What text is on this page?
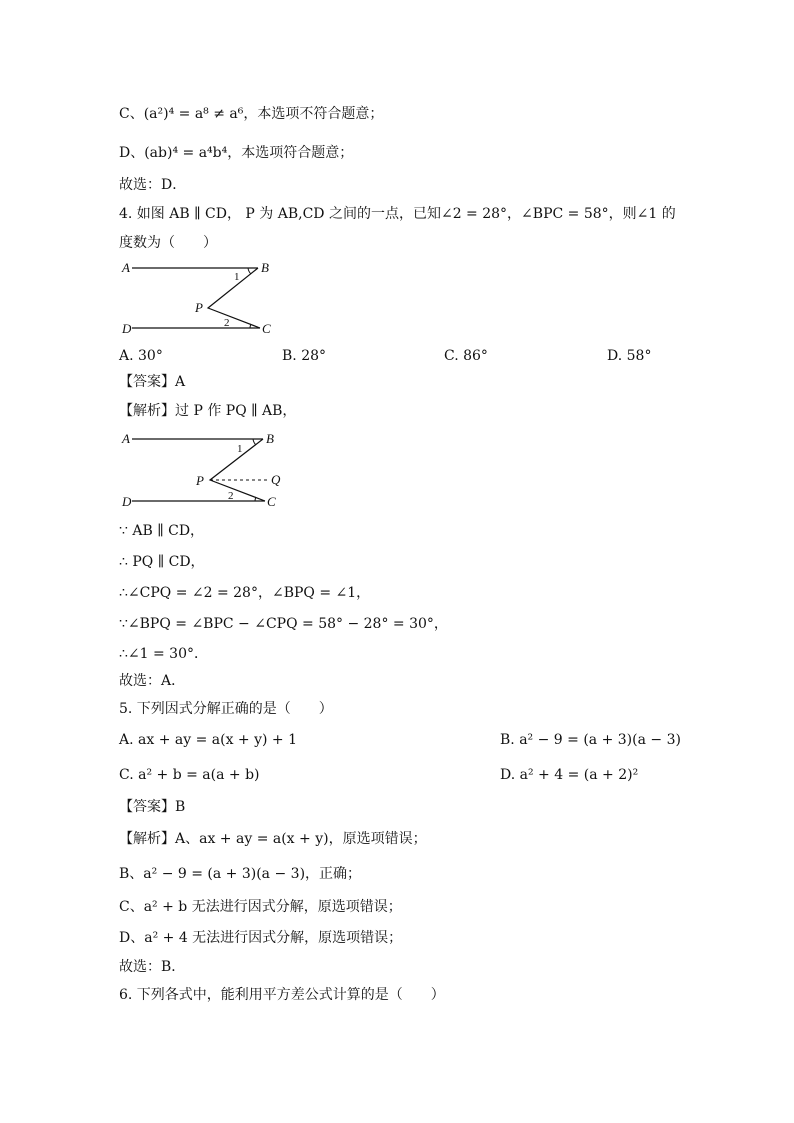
C、(a²)⁴ = a⁸ ≠ a⁶，本选项不符合题意；
D、(ab)⁴ = a⁴b⁴，本选项符合题意；
故选：D．
4. 如图 AB ∥ CD， P 为 AB,CD 之间的一点，已知∠2 = 28°，∠BPC = 58°，则∠1 的
度数为（　　）
A	B
D	C
P
1
2
A. 30°	B. 28°	C. 86°	D. 58°
【答案】A
【解析】过 P 作 PQ ∥ AB，
A	B
D	C
P	Q
1
2
∵ AB ∥ CD，
∴ PQ ∥ CD，
∴∠CPQ = ∠2 = 28°，∠BPQ = ∠1，
∵∠BPQ = ∠BPC − ∠CPQ = 58° − 28° = 30°，
∴∠1 = 30°．
故选：A．
5. 下列因式分解正确的是（　　）
A. ax + ay = a(x + y) + 1	B. a² − 9 = (a + 3)(a − 3)
C. a² + b = a(a + b)	D. a² + 4 = (a + 2)²
【答案】B
【解析】A、ax + ay = a(x + y)，原选项错误；
B、a² − 9 = (a + 3)(a − 3)，正确；
C、a² + b 无法进行因式分解，原选项错误；
D、a² + 4 无法进行因式分解，原选项错误；
故选：B．
6. 下列各式中，能利用平方差公式计算的是（　　）
